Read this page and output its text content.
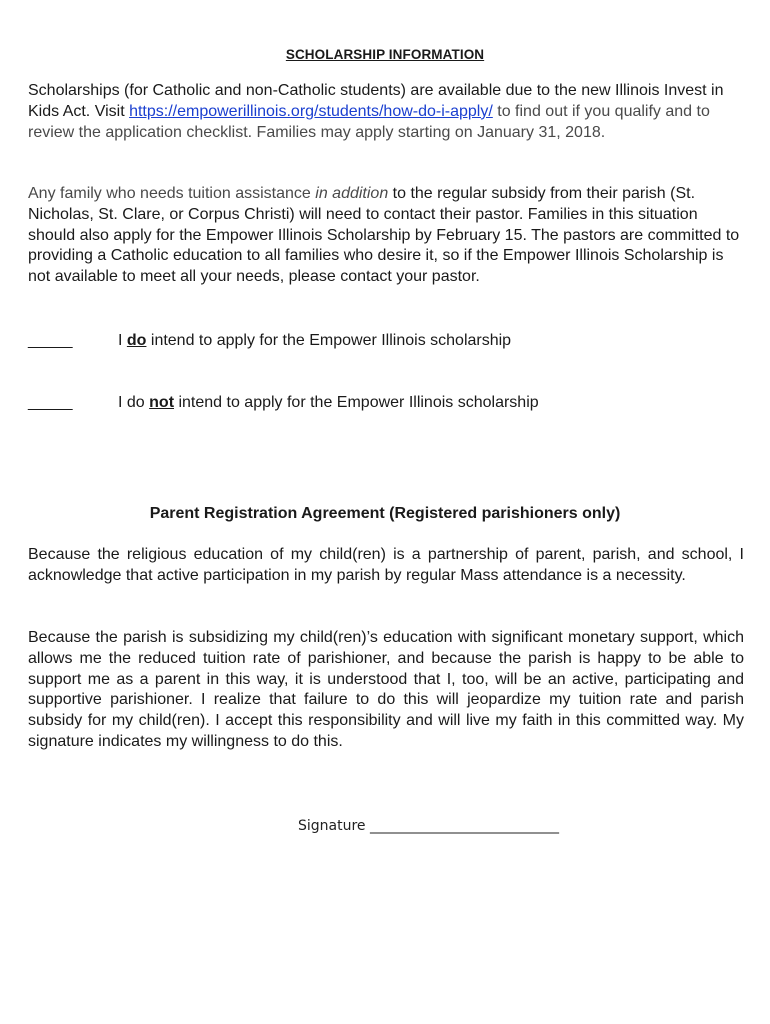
SCHOLARSHIP INFORMATION
Scholarships (for Catholic and non-Catholic students) are available due to the new Illinois Invest in Kids Act. Visit https://empowerillinois.org/students/how-do-i-apply/ to find out if you qualify and to review the application checklist. Families may apply starting on January 31, 2018.
Any family who needs tuition assistance in addition to the regular subsidy from their parish (St. Nicholas, St. Clare, or Corpus Christi) will need to contact their pastor. Families in this situation should also apply for the Empower Illinois Scholarship by February 15. The pastors are committed to providing a Catholic education to all families who desire it, so if the Empower Illinois Scholarship is not available to meet all your needs, please contact your pastor.
_____	I do intend to apply for the Empower Illinois scholarship
_____	I do not intend to apply for the Empower Illinois scholarship
Parent Registration Agreement (Registered parishioners only)
Because the religious education of my child(ren) is a partnership of parent, parish, and school, I acknowledge that active participation in my parish by regular Mass attendance is a necessity.
Because the parish is subsidizing my child(ren)’s education with significant monetary support, which allows me the reduced tuition rate of parishioner, and because the parish is happy to be able to support me as a parent in this way, it is understood that I, too, will be an active, participating and supportive parishioner. I realize that failure to do this will jeopardize my tuition rate and parish subsidy for my child(ren). I accept this responsibility and will live my faith in this committed way. My signature indicates my willingness to do this.
Signature ___________________________
